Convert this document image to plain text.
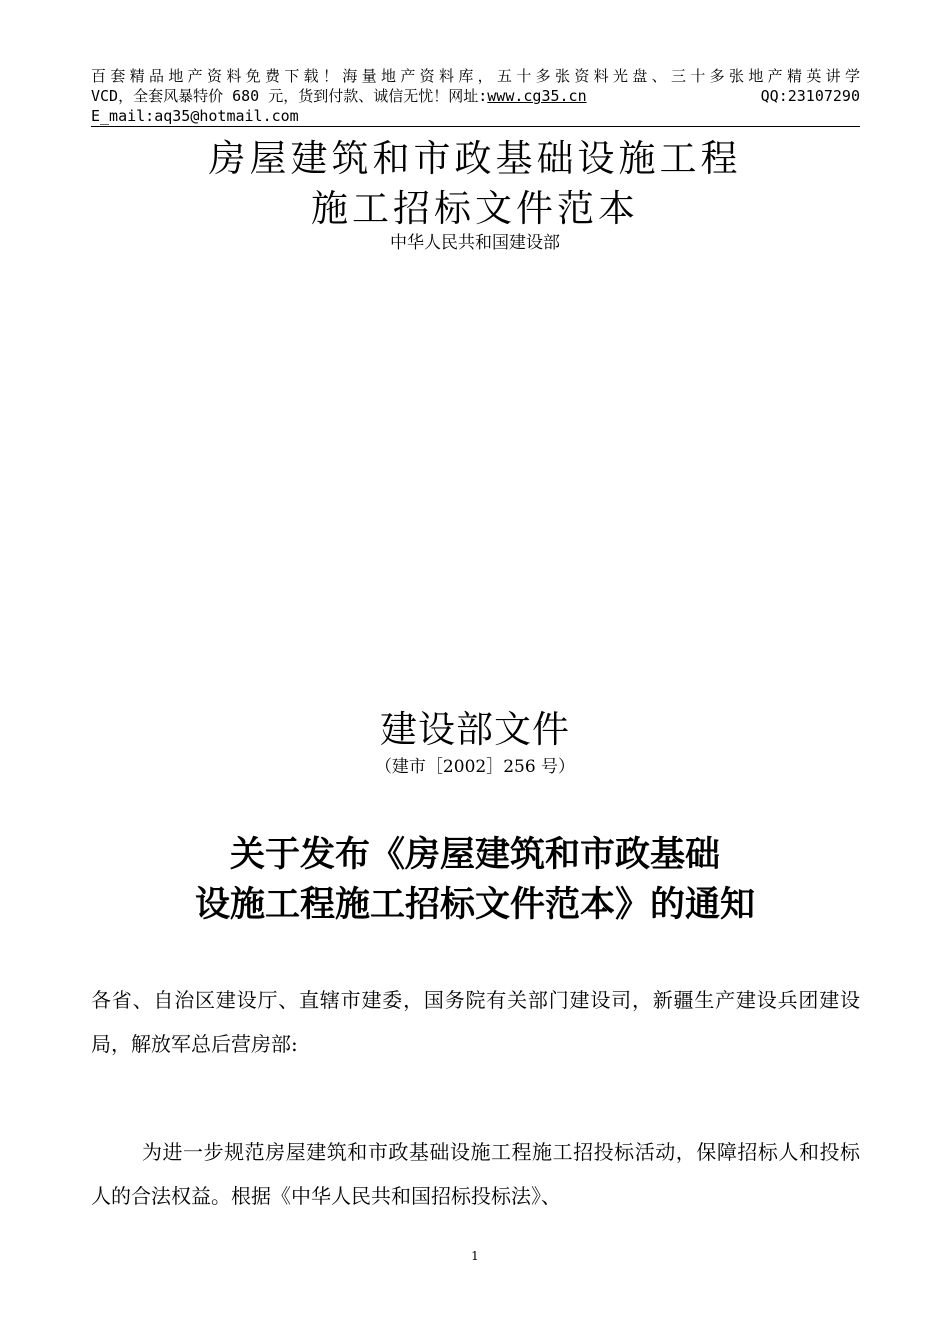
百套精品地产资料免费下载！海量地产资料库，五十多张资料光盘、三十多张地产精英讲学
VCD，全套风暴特价 680 元，货到付款、诚信无忧！网址:www.cg35.cn	QQ:23107290
E_mail:aq35@hotmail.com
房屋建筑和市政基础设施工程
施工招标文件范本
中华人民共和国建设部
建设部文件
（建市［2002］256 号）
关于发布《房屋建筑和市政基础
设施工程施工招标文件范本》的通知
各省、自治区建设厅、直辖市建委，国务院有关部门建设司，新疆生产建设兵团建设局，解放军总后营房部:
为进一步规范房屋建筑和市政基础设施工程施工招投标活动，保障招标人和投标人的合法权益。根据《中华人民共和国招标投标法》、
1
